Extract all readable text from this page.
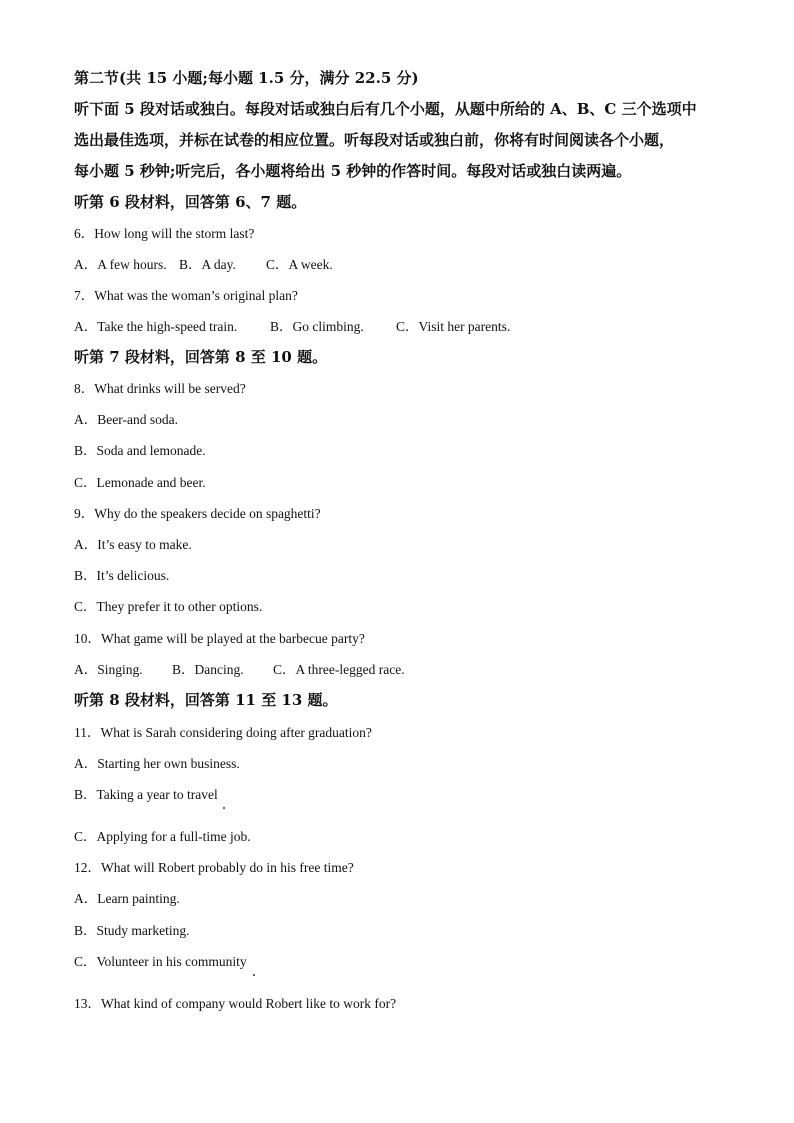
第二节(共 15 小题;每小题 1.5 分，满分 22.5 分)
听下面 5 段对话或独白。每段对话或独白后有几个小题，从题中所给的 A、B、C 三个选项中
选出最佳选项，并标在试卷的相应位置。听每段对话或独白前，你将有时间阅读各个小题，
每小题 5 秒钟;听完后，各小题将给出 5 秒钟的作答时间。每段对话或独白读两遍。
听第 6 段材料，回答第 6、7 题。
6．How long will the storm last?
A．A few hours. B．A day. C．A week.
7．What was the woman’s original plan?
A．Take the high-speed train. B．Go climbing. C．Visit her parents.
听第 7 段材料，回答第 8 至 10 题。
8．What drinks will be served?
A．Beer-and soda.
B．Soda and lemonade.
C．Lemonade and beer.
9．Why do the speakers decide on spaghetti?
A．It’s easy to make.
B．It’s delicious.
C．They prefer it to other options.
10．What game will be played at the barbecue party?
A．Singing. B．Dancing. C．A three-legged race.
听第 8 段材料，回答第 11 至 13 题。
11．What is Sarah considering doing after graduation?
A．Starting her own business.
B．Taking a year to travel
C．Applying for a full-time job.
12．What will Robert probably do in his free time?
A．Learn painting.
B．Study marketing.
C．Volunteer in his community
13．What kind of company would Robert like to work for?
